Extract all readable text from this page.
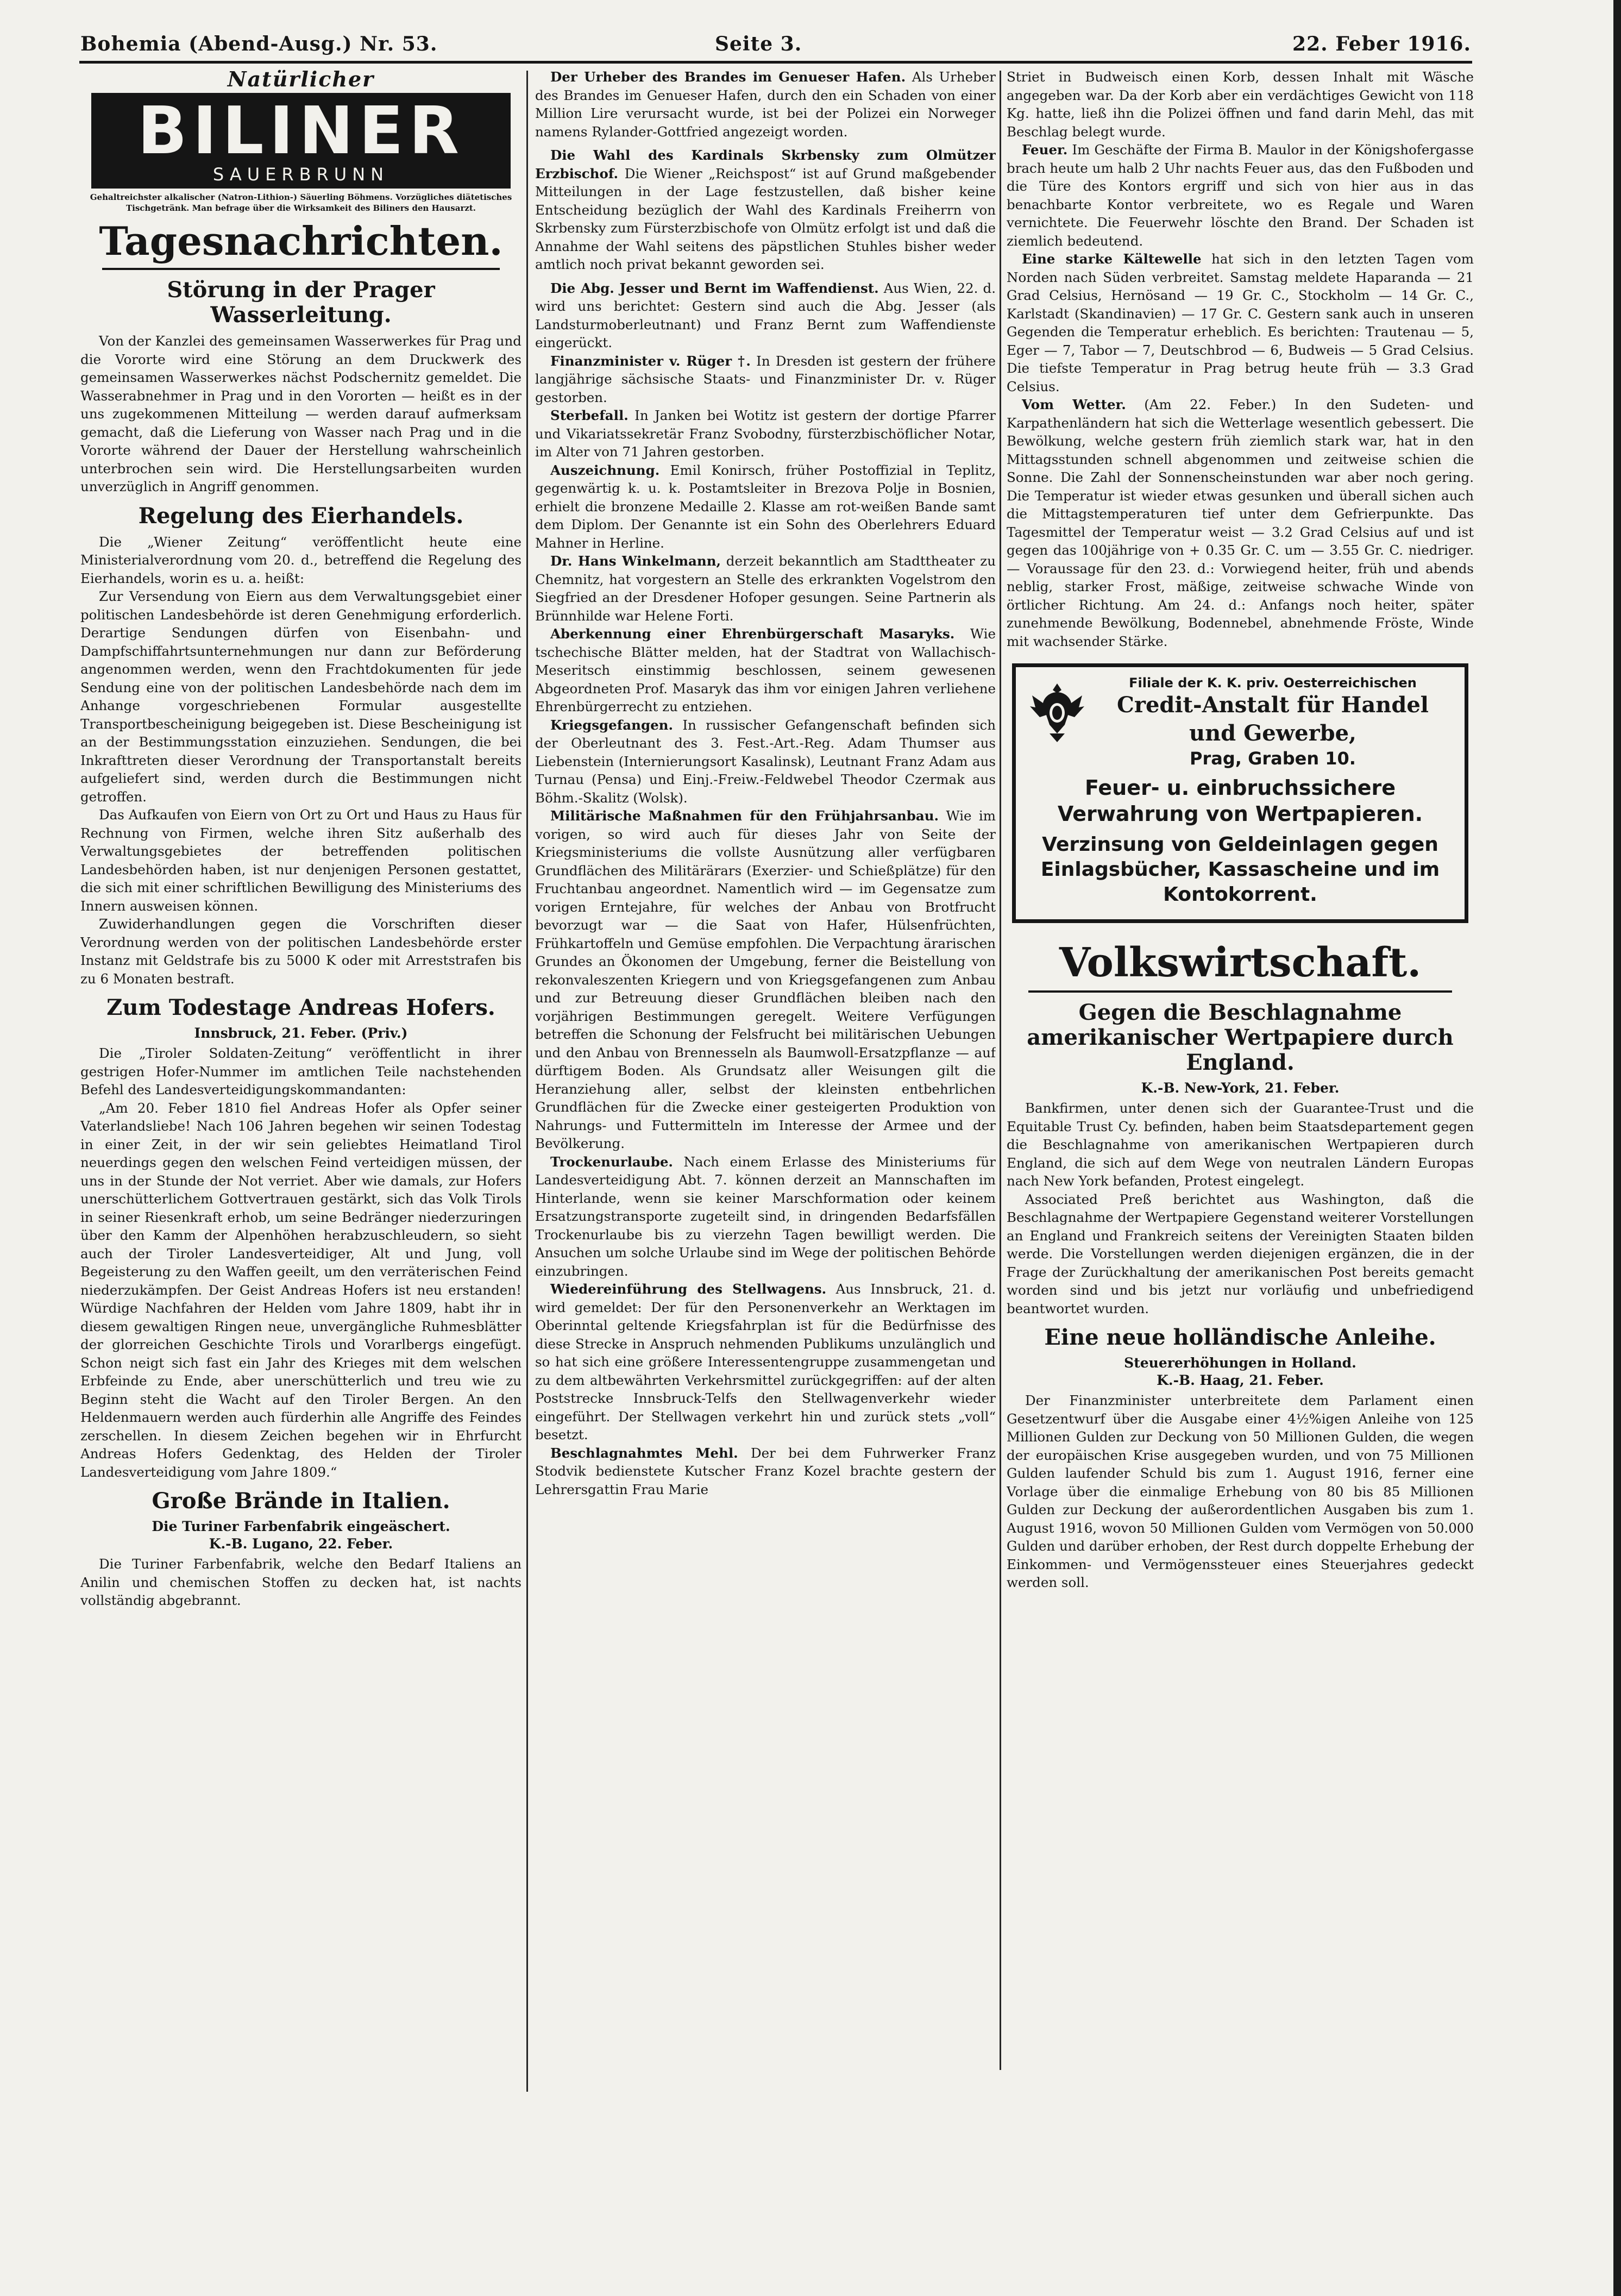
Bohemia (Abend-Ausg.) Nr. 53.	Seite 3.	22. Feber 1916.
Natürlicher
BILINER
SAUERBRUNN
Gehaltreichster alkalischer (Natron-Lithion-) Säuerling Böhmens. Vorzügliches diätetisches Tischgetränk. Man befrage über die Wirksamkeit des Biliners den Hausarzt.
Tagesnachrichten.
Störung in der Prager Wasserleitung.

Von der Kanzlei des gemeinsamen Wasserwerkes für Prag und die Vororte wird eine Störung an dem Druckwerk des gemeinsamen Wasserwerkes nächst Podschernitz gemeldet. Die Wasserabnehmer in Prag und in den Vororten — heißt es in der uns zugekommenen Mitteilung — werden darauf aufmerksam gemacht, daß die Lieferung von Wasser nach Prag und in die Vororte während der Dauer der Herstellung wahrscheinlich unterbrochen sein wird. Die Herstellungsarbeiten wurden unverzüglich in Angriff genommen.

Regelung des Eierhandels.

Die „Wiener Zeitung“ veröffentlicht heute eine Ministerialverordnung vom 20. d., betreffend die Regelung des Eierhandels, worin es u. a. heißt:

Zur Versendung von Eiern aus dem Verwaltungsgebiet einer politischen Landesbehörde ist deren Genehmigung erforderlich. Derartige Sendungen dürfen von Eisenbahn- und Dampfschiffahrtsunternehmungen nur dann zur Beförderung angenommen werden, wenn den Frachtdokumenten für jede Sendung eine von der politischen Landesbehörde nach dem im Anhange vorgeschriebenen Formular ausgestellte Transportbescheinigung beigegeben ist. Diese Bescheinigung ist an der Bestimmungsstation einzuziehen. Sendungen, die bei Inkrafttreten dieser Verordnung der Transportanstalt bereits aufgeliefert sind, werden durch die Bestimmungen nicht getroffen.

Das Aufkaufen von Eiern von Ort zu Ort und Haus zu Haus für Rechnung von Firmen, welche ihren Sitz außerhalb des Verwaltungsgebietes der betreffenden politischen Landesbehörden haben, ist nur denjenigen Personen gestattet, die sich mit einer schriftlichen Bewilligung des Ministeriums des Innern ausweisen können.

Zuwiderhandlungen gegen die Vorschriften dieser Verordnung werden von der politischen Landesbehörde erster Instanz mit Geldstrafe bis zu 5000 K oder mit Arreststrafen bis zu 6 Monaten bestraft.

Zum Todestage Andreas Hofers.
Innsbruck, 21. Feber. (Priv.)

Die „Tiroler Soldaten-Zeitung“ veröffentlicht in ihrer gestrigen Hofer-Nummer im amtlichen Teile nachstehenden Befehl des Landesverteidigungskommandanten:

„Am 20. Feber 1810 fiel Andreas Hofer als Opfer seiner Vaterlandsliebe! Nach 106 Jahren begehen wir seinen Todestag in einer Zeit, in der wir sein geliebtes Heimatland Tirol neuerdings gegen den welschen Feind verteidigen müssen, der uns in der Stunde der Not verriet. Aber wie damals, zur Hofers unerschütterlichem Gottvertrauen gestärkt, sich das Volk Tirols in seiner Riesenkraft erhob, um seine Bedränger niederzuringen über den Kamm der Alpenhöhen herabzuschleudern, so sieht auch der Tiroler Landesverteidiger, Alt und Jung, voll Begeisterung zu den Waffen geeilt, um den verräterischen Feind niederzukämpfen. Der Geist Andreas Hofers ist neu erstanden! Würdige Nachfahren der Helden vom Jahre 1809, habt ihr in diesem gewaltigen Ringen neue, unvergängliche Ruhmesblätter der glorreichen Geschichte Tirols und Vorarlbergs eingefügt. Schon neigt sich fast ein Jahr des Krieges mit dem welschen Erbfeinde zu Ende, aber unerschütterlich und treu wie zu Beginn steht die Wacht auf den Tiroler Bergen. An den Heldenmauern werden auch fürderhin alle Angriffe des Feindes zerschellen. In diesem Zeichen begehen wir in Ehrfurcht Andreas Hofers Gedenktag, des Helden der Tiroler Landesverteidigung vom Jahre 1809.“

Große Brände in Italien.
Die Turiner Farbenfabrik eingeäschert.
K.-B. Lugano, 22. Feber.

Die Turiner Farbenfabrik, welche den Bedarf Italiens an Anilin und chemischen Stoffen zu decken hat, ist nachts vollständig abgebrannt.

Der Urheber des Brandes im Genueser Hafen. Als Urheber des Brandes im Genueser Hafen, durch den ein Schaden von einer Million Lire verursacht wurde, ist bei der Polizei ein Norweger namens Rylander-Gottfried angezeigt worden.

Die Wahl des Kardinals Skrbensky zum Olmützer Erzbischof. Die Wiener „Reichspost“ ist auf Grund maßgebender Mitteilungen in der Lage festzustellen, daß bisher keine Entscheidung bezüglich der Wahl des Kardinals Freiherrn von Skrbensky zum Fürsterzbischofe von Olmütz erfolgt ist und daß die Annahme der Wahl seitens des päpstlichen Stuhles bisher weder amtlich noch privat bekannt geworden sei.

Die Abg. Jesser und Bernt im Waffendienst. Aus Wien, 22. d. wird uns berichtet: Gestern sind auch die Abg. Jesser (als Landsturmoberleutnant) und Franz Bernt zum Waffendienste eingerückt.

Finanzminister v. Rüger †. In Dresden ist gestern der frühere langjährige sächsische Staats- und Finanzminister Dr. v. Rüger gestorben.

Sterbefall. In Janken bei Wotitz ist gestern der dortige Pfarrer und Vikariatssekretär Franz Svobodny, fürsterzbischöflicher Notar, im Alter von 71 Jahren gestorben.

Auszeichnung. Emil Konirsch, früher Postoffizial in Teplitz, gegenwärtig k. u. k. Postamtsleiter in Brezova Polje in Bosnien, erhielt die bronzene Medaille 2. Klasse am rot-weißen Bande samt dem Diplom. Der Genannte ist ein Sohn des Oberlehrers Eduard Mahner in Herline.

Dr. Hans Winkelmann, derzeit bekanntlich am Stadttheater zu Chemnitz, hat vorgestern an Stelle des erkrankten Vogelstrom den Siegfried an der Dresdener Hofoper gesungen. Seine Partnerin als Brünnhilde war Helene Forti.

Aberkennung einer Ehrenbürgerschaft Masaryks. Wie tschechische Blätter melden, hat der Stadtrat von Wallachisch-Meseritsch einstimmig beschlossen, seinem gewesenen Abgeordneten Prof. Masaryk das ihm vor einigen Jahren verliehene Ehrenbürgerrecht zu entziehen.

Kriegsgefangen. In russischer Gefangenschaft befinden sich der Oberleutnant des 3. Fest.-Art.-Reg. Adam Thumser aus Liebenstein (Internierungsort Kasalinsk), Leutnant Franz Adam aus Turnau (Pensa) und Einj.-Freiw.-Feldwebel Theodor Czermak aus Böhm.-Skalitz (Wolsk).

Militärische Maßnahmen für den Frühjahrsanbau. Wie im vorigen, so wird auch für dieses Jahr von Seite der Kriegsministeriums die vollste Ausnützung aller verfügbaren Grundflächen des Militärärars (Exerzier- und Schießplätze) für den Fruchtanbau angeordnet. Namentlich wird — im Gegensatze zum vorigen Erntejahre, für welches der Anbau von Brotfrucht bevorzugt war — die Saat von Hafer, Hülsenfrüchten, Frühkartoffeln und Gemüse empfohlen. Die Verpachtung ärarischen Grundes an Ökonomen der Umgebung, ferner die Beistellung von rekonvaleszenten Kriegern und von Kriegsgefangenen zum Anbau und zur Betreuung dieser Grundflächen bleiben nach den vorjährigen Bestimmungen geregelt. Weitere Verfügungen betreffen die Schonung der Felsfrucht bei militärischen Uebungen und den Anbau von Brennesseln als Baumwoll-Ersatzpflanze — auf dürftigem Boden. Als Grundsatz aller Weisungen gilt die Heranziehung aller, selbst der kleinsten entbehrlichen Grundflächen für die Zwecke einer gesteigerten Produktion von Nahrungs- und Futtermitteln im Interesse der Armee und der Bevölkerung.

Trockenurlaube. Nach einem Erlasse des Ministeriums für Landesverteidigung Abt. 7. können derzeit an Mannschaften im Hinterlande, wenn sie keiner Marschformation oder keinem Ersatzungstransporte zugeteilt sind, in dringenden Bedarfsfällen Trockenurlaube bis zu vierzehn Tagen bewilligt werden. Die Ansuchen um solche Urlaube sind im Wege der politischen Behörde einzubringen.

Wiedereinführung des Stellwagens. Aus Innsbruck, 21. d. wird gemeldet: Der für den Personenverkehr an Werktagen im Oberinntal geltende Kriegsfahrplan ist für die Bedürfnisse des diese Strecke in Anspruch nehmenden Publikums unzulänglich und so hat sich eine größere Interessentengruppe zusammengetan und zu dem altbewährten Verkehrsmittel zurückgegriffen: auf der alten Poststrecke Innsbruck-Telfs den Stellwagenverkehr wieder eingeführt. Der Stellwagen verkehrt hin und zurück stets „voll“ besetzt.

Beschlagnahmtes Mehl. Der bei dem Fuhrwerker Franz Stodvik bedienstete Kutscher Franz Kozel brachte gestern der Lehrersgattin Frau Marie

Striet in Budweisch einen Korb, dessen Inhalt mit Wäsche angegeben war. Da der Korb aber ein verdächtiges Gewicht von 118 Kg. hatte, ließ ihn die Polizei öffnen und fand darin Mehl, das mit Beschlag belegt wurde.

Feuer. Im Geschäfte der Firma B. Maulor in der Königshofergasse brach heute um halb 2 Uhr nachts Feuer aus, das den Fußboden und die Türe des Kontors ergriff und sich von hier aus in das benachbarte Kontor verbreitete, wo es Regale und Waren vernichtete. Die Feuerwehr löschte den Brand. Der Schaden ist ziemlich bedeutend.

Eine starke Kältewelle hat sich in den letzten Tagen vom Norden nach Süden verbreitet. Samstag meldete Haparanda — 21 Grad Celsius, Hernösand — 19 Gr. C., Stockholm — 14 Gr. C., Karlstadt (Skandinavien) — 17 Gr. C. Gestern sank auch in unseren Gegenden die Temperatur erheblich. Es berichten: Trautenau — 5, Eger — 7, Tabor — 7, Deutschbrod — 6, Budweis — 5 Grad Celsius. Die tiefste Temperatur in Prag betrug heute früh — 3.3 Grad Celsius.

Vom Wetter. (Am 22. Feber.) In den Sudeten- und Karpathenländern hat sich die Wetterlage wesentlich gebessert. Die Bewölkung, welche gestern früh ziemlich stark war, hat in den Mittagsstunden schnell abgenommen und zeitweise schien die Sonne. Die Zahl der Sonnenscheinstunden war aber noch gering. Die Temperatur ist wieder etwas gesunken und überall sichen auch die Mittagstemperaturen tief unter dem Gefrierpunkte. Das Tagesmittel der Temperatur weist — 3.2 Grad Celsius auf und ist gegen das 100jährige von + 0.35 Gr. C. um — 3.55 Gr. C. niedriger. — Voraussage für den 23. d.: Vorwiegend heiter, früh und abends neblig, starker Frost, mäßige, zeitweise schwache Winde von örtlicher Richtung. Am 24. d.: Anfangs noch heiter, später zunehmende Bewölkung, Bodennebel, abnehmende Fröste, Winde mit wachsender Stärke.

Filiale der K. K. priv. Oesterreichischen
Credit-Anstalt für Handel und Gewerbe,
Prag, Graben 10.
Feuer- u. einbruchssichere Verwahrung von Wertpapieren.
Verzinsung von Geldeinlagen gegen Einlagsbücher, Kassascheine und im Kontokorrent.
Volkswirtschaft.
Gegen die Beschlagnahme amerikanischer Wertpapiere durch England.
K.-B. New-York, 21. Feber.

Bankfirmen, unter denen sich der Guarantee-Trust und die Equitable Trust Cy. befinden, haben beim Staatsdepartement gegen die Beschlagnahme von amerikanischen Wertpapieren durch England, die sich auf dem Wege von neutralen Ländern Europas nach New York befanden, Protest eingelegt.

Associated Preß berichtet aus Washington, daß die Beschlagnahme der Wertpapiere Gegenstand weiterer Vorstellungen an England und Frankreich seitens der Vereinigten Staaten bilden werde. Die Vorstellungen werden diejenigen ergänzen, die in der Frage der Zurückhaltung der amerikanischen Post bereits gemacht worden sind und bis jetzt nur vorläufig und unbefriedigend beantwortet wurden.

Eine neue holländische Anleihe.
Steuererhöhungen in Holland.
K.-B. Haag, 21. Feber.

Der Finanzminister unterbreitete dem Parlament einen Gesetzentwurf über die Ausgabe einer 4½%igen Anleihe von 125 Millionen Gulden zur Deckung von 50 Millionen Gulden, die wegen der europäischen Krise ausgegeben wurden, und von 75 Millionen Gulden laufender Schuld bis zum 1. August 1916, ferner eine Vorlage über die einmalige Erhebung von 80 bis 85 Millionen Gulden zur Deckung der außerordentlichen Ausgaben bis zum 1. August 1916, wovon 50 Millionen Gulden vom Vermögen von 50.000 Gulden und darüber erhoben, der Rest durch doppelte Erhebung der Einkommen- und Vermögenssteuer eines Steuerjahres gedeckt werden soll.
